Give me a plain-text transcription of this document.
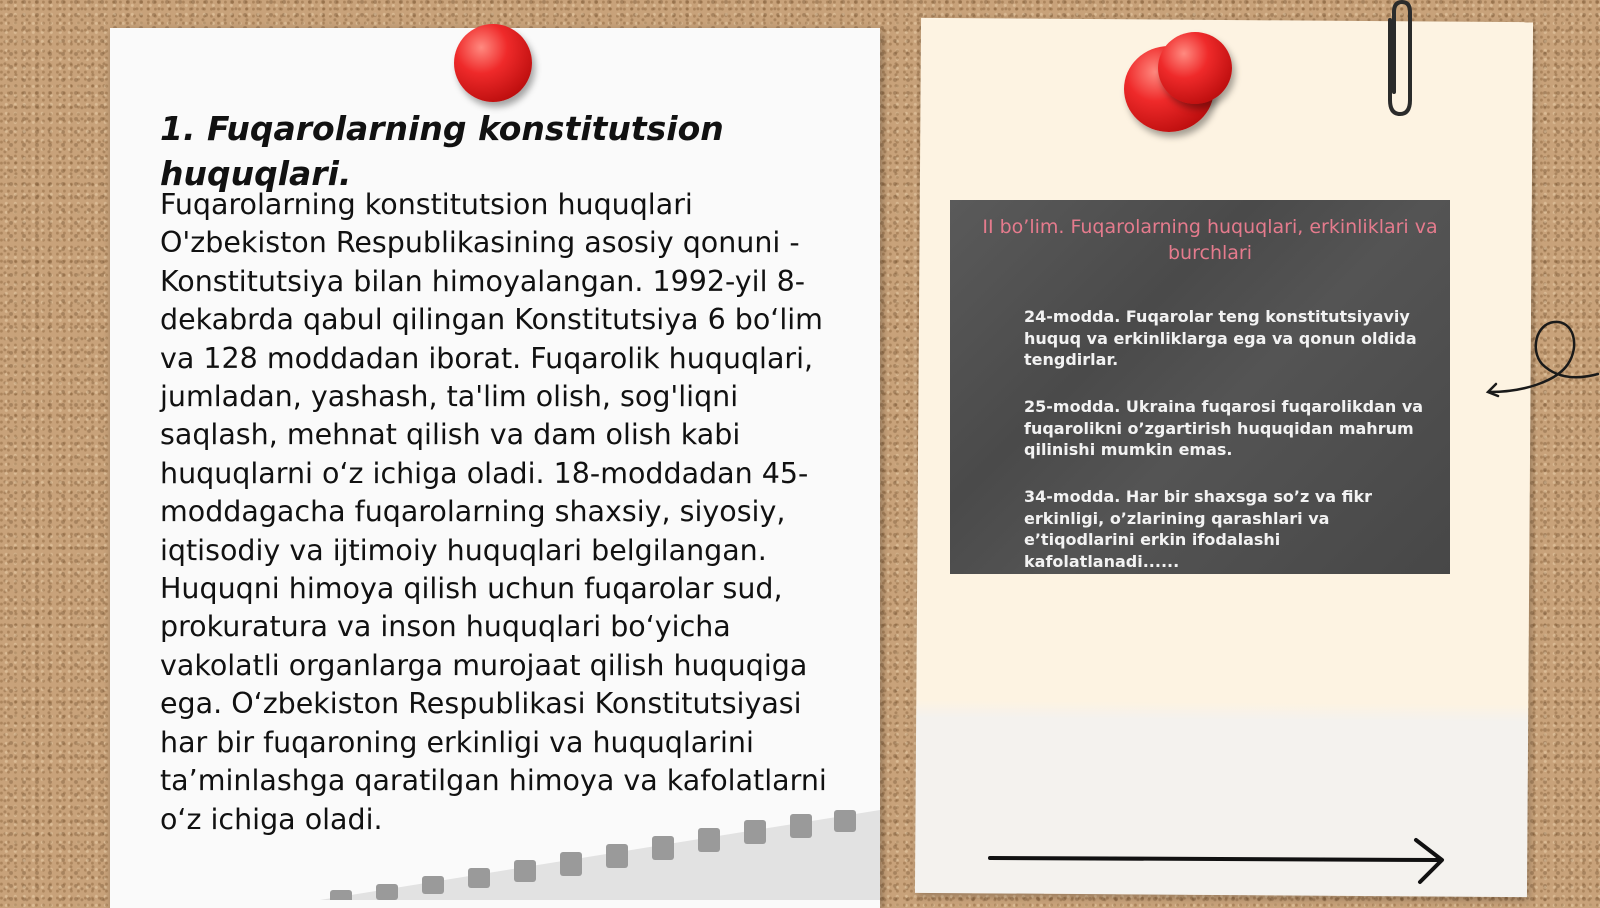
1. Fuqarolarning konstitutsion huquqlari.

Fuqarolarning konstitutsion huquqlari O'zbekiston Respublikasining asosiy qonuni - Konstitutsiya bilan himoyalangan. 1992-yil 8-dekabrda qabul qilingan Konstitutsiya 6 bo‘lim va 128 moddadan iborat. Fuqarolik huquqlari, jumladan, yashash, ta'lim olish, sog'liqni saqlash, mehnat qilish va dam olish kabi huquqlarni o‘z ichiga oladi. 18-moddadan 45-moddagacha fuqarolarning shaxsiy, siyosiy, iqtisodiy va ijtimoiy huquqlari belgilangan. Huquqni himoya qilish uchun fuqarolar sud, prokuratura va inson huquqlari bo‘yicha vakolatli organlarga murojaat qilish huquqiga ega. O‘zbekiston Respublikasi Konstitutsiyasi har bir fuqaroning erkinligi va huquqlarini ta’minlashga qaratilgan himoya va kafolatlarni o‘z ichiga oladi.

II bo’lim. Fuqarolarning huquqlari, erkinliklari va burchlari

24-modda. Fuqarolar teng konstitutsiyaviy huquq va erkinliklarga ega va qonun oldida tengdirlar.

25-modda. Ukraina fuqarosi fuqarolikdan va fuqarolikni o’zgartirish huquqidan mahrum qilinishi mumkin emas.

34-modda. Har bir shaxsga so’z va fikr erkinligi, o’zlarining qarashlari va e’tiqodlarini erkin ifodalashi kafolatlanadi......
